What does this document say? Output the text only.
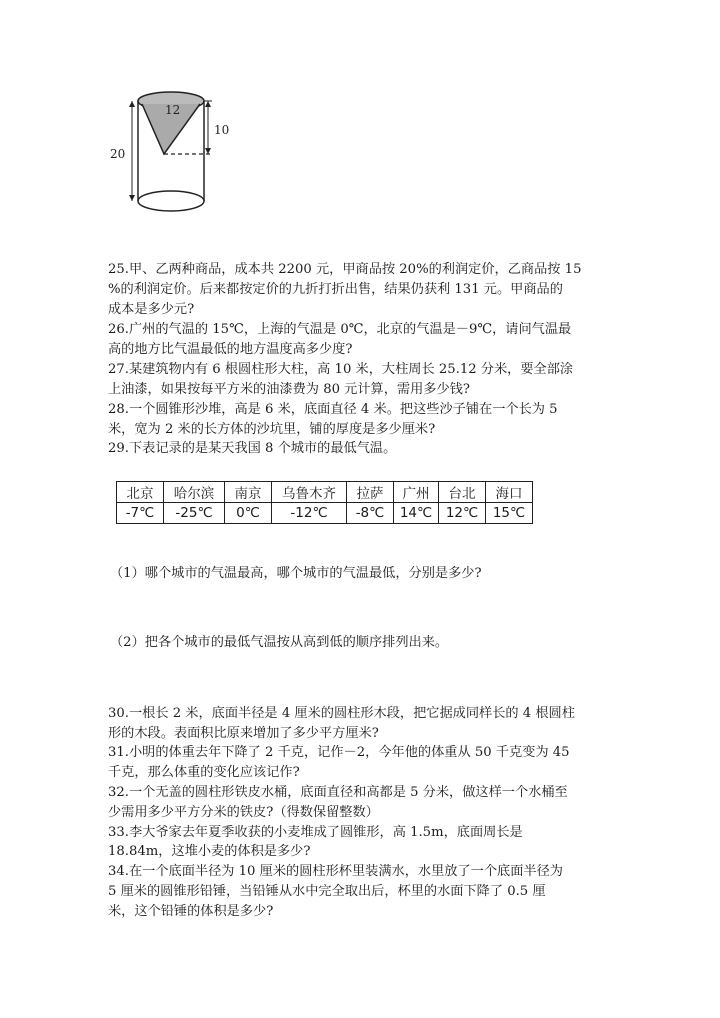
12
10
20
25.甲、乙两种商品，成本共 2200 元，甲商品按 20%的利润定价，乙商品按 15
%的利润定价。后来都按定价的九折打折出售，结果仍获利 131 元。甲商品的
成本是多少元?
26.广州的气温的 15℃，上海的气温是 0℃，北京的气温是－9℃，请问气温最
高的地方比气温最低的地方温度高多少度?
27.某建筑物内有 6 根圆柱形大柱，高 10 米，大柱周长 25.12 分米，要全部涂
上油漆，如果按每平方米的油漆费为 80 元计算，需用多少钱?
28.一个圆锥形沙堆，高是 6 米，底面直径 4 米。把这些沙子铺在一个长为 5
米，宽为 2 米的长方体的沙坑里，铺的厚度是多少厘米?
29.下表记录的是某天我国 8 个城市的最低气温。
北京	哈尔滨	南京	乌鲁木齐	拉萨	广州	台北	海口
-7℃	-25℃	0℃	-12℃	-8℃	14℃	12℃	15℃
（1）哪个城市的气温最高，哪个城市的气温最低，分别是多少?
（2）把各个城市的最低气温按从高到低的顺序排列出来。
30.一根长 2 米，底面半径是 4 厘米的圆柱形木段，把它据成同样长的 4 根圆柱
形的木段。表面积比原来增加了多少平方厘米?
31.小明的体重去年下降了 2 千克，记作－2，今年他的体重从 50 千克变为 45
千克，那么体重的变化应该记作?
32.一个无盖的圆柱形铁皮水桶，底面直径和高都是 5 分米，做这样一个水桶至
少需用多少平方分米的铁皮?（得数保留整数）
33.李大爷家去年夏季收获的小麦堆成了圆锥形，高 1.5m，底面周长是
18.84m，这堆小麦的体积是多少?
34.在一个底面半径为 10 厘米的圆柱形杯里装满水，水里放了一个底面半径为
5 厘米的圆锥形铅锤，当铅锤从水中完全取出后，杯里的水面下降了 0.5 厘
米，这个铅锤的体积是多少?
